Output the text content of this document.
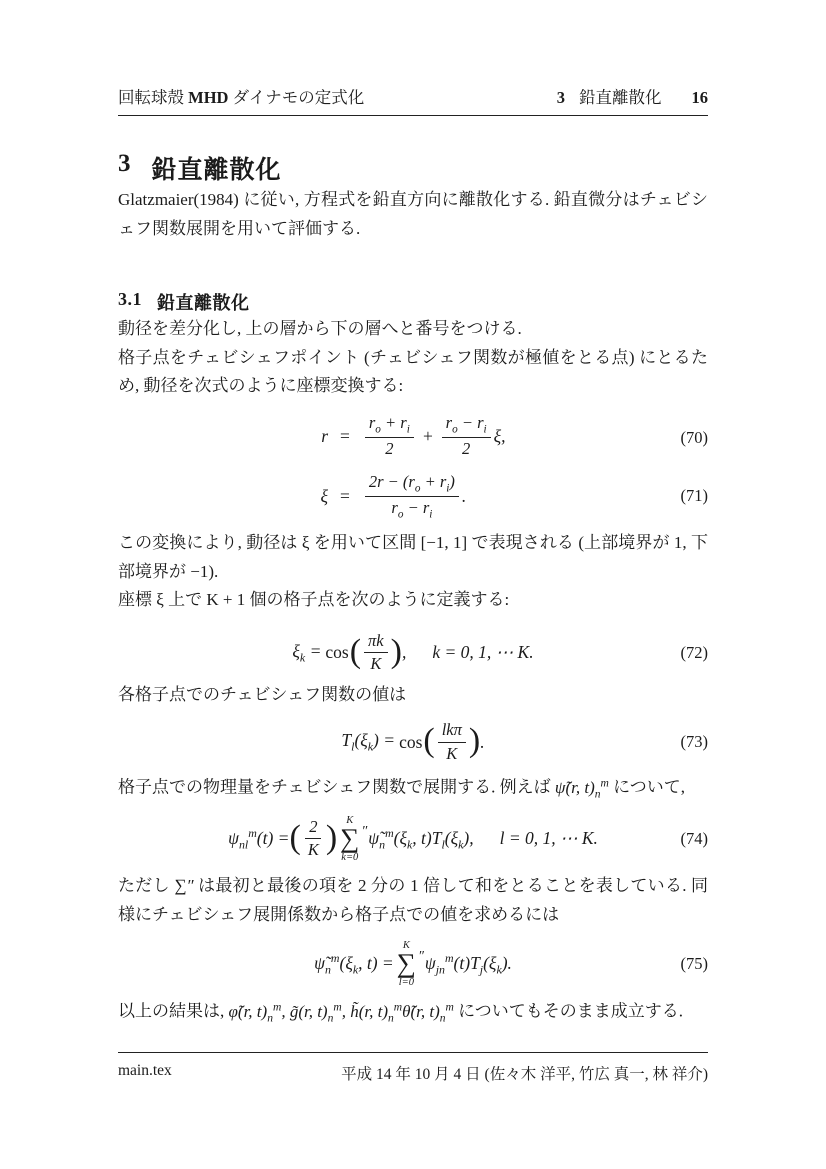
回転球殻 MHD ダイナモの定式化	3 鉛直離散化 16
3 鉛直離散化

Glatzmaier(1984) に従い, 方程式を鉛直方向に離散化する. 鉛直微分はチェビシェフ関数展開を用いて評価する.

3.1 鉛直離散化

動径を差分化し, 上の層から下の層へと番号をつける.

格子点をチェビシェフポイント (チェビシェフ関数が極値をとる点) にとるため, 動径を次式のように座標変換する:

$r = \frac{r_o + r_i}{2} + \frac{r_o - r_i}{2} \xi$,
$\xi = \frac{2r - (r_o + r_i)}{r_o - r_i}$ .
(70)
(71)

この変換により, 動径は ξ を用いて区間 [−1, 1] で表現される (上部境界が 1, 下部境界が −1).

座標 ξ 上で K + 1 個の格子点を次のように定義する:

$\xi_k = \cos$ ( $\frac{\pi k}{K}$ ) , k = 0, 1, ⋯ K.	(72)

各格子点でのチェビシェフ関数の値は

$T_l(\xi_k) = \cos$ ( $\frac{\text{lkπ}}{K}$ ) .	(73)

格子点での物理量をチェビシェフ関数で展開する. 例えば ψ̃(r, $t)_n^m$ について,

$\psi_{nl}^m(t)$ = ( $\frac{2}{K}$ ) K
∑
k=0
″ $\psĩ_n^m(\xi_k$, $t)T_l(\xi_k)$, l = 0, 1, ⋯ K.	(74)

ただし ∑″ は最初と最後の項を 2 分の 1 倍して和をとることを表している. 同様にチェビシェフ展開係数から格子点での値を求めるには

$\psĩ_n^m(\xi_k$, t) =
K
∑
l=0
″ $\psi_{jn}^m(t)T_j(\xi_k)$.	(75)

以上の結果は, φ̃(r, $t)_n^m$, g̃(r, $t)_n^m$, h̃(r, $t)_n^m\thetã(r$, $t)_n^m$ についてもそのまま成立する.

main.tex	平成 14 年 10 月 4 日 (佐々木 洋平, 竹広 真一, 林 祥介)
